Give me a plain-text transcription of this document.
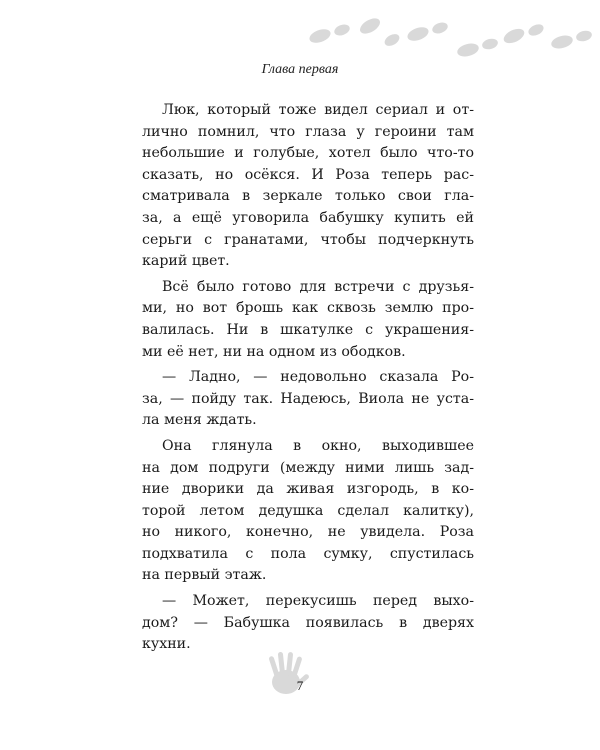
Глава первая
Люк, который тоже видел сериал и от-
лично помнил, что глаза у героини там
небольшие и голубые, хотел было что-то
сказать, но осёкся. И Роза теперь рас-
сматривала в зеркале только свои гла-
за, а ещё уговорила бабушку купить ей
серьги с гранатами, чтобы подчеркнуть
карий цвет.
Всё было готово для встречи с друзья-
ми, но вот брошь как сквозь землю про-
валилась. Ни в шкатулке с украшения-
ми её нет, ни на одном из ободков.
— Ладно, — недовольно сказала Ро-
за, — пойду так. Надеюсь, Виола не уста-
ла меня ждать.
Она глянула в окно, выходившее
на дом подруги (между ними лишь зад-
ние дворики да живая изгородь, в ко-
торой летом дедушка сделал калитку),
но никого, конечно, не увидела. Роза
подхватила с пола сумку, спустилась
на первый этаж.
— Может, перекусишь перед выхо-
дом? — Бабушка появилась в дверях
кухни.
7
